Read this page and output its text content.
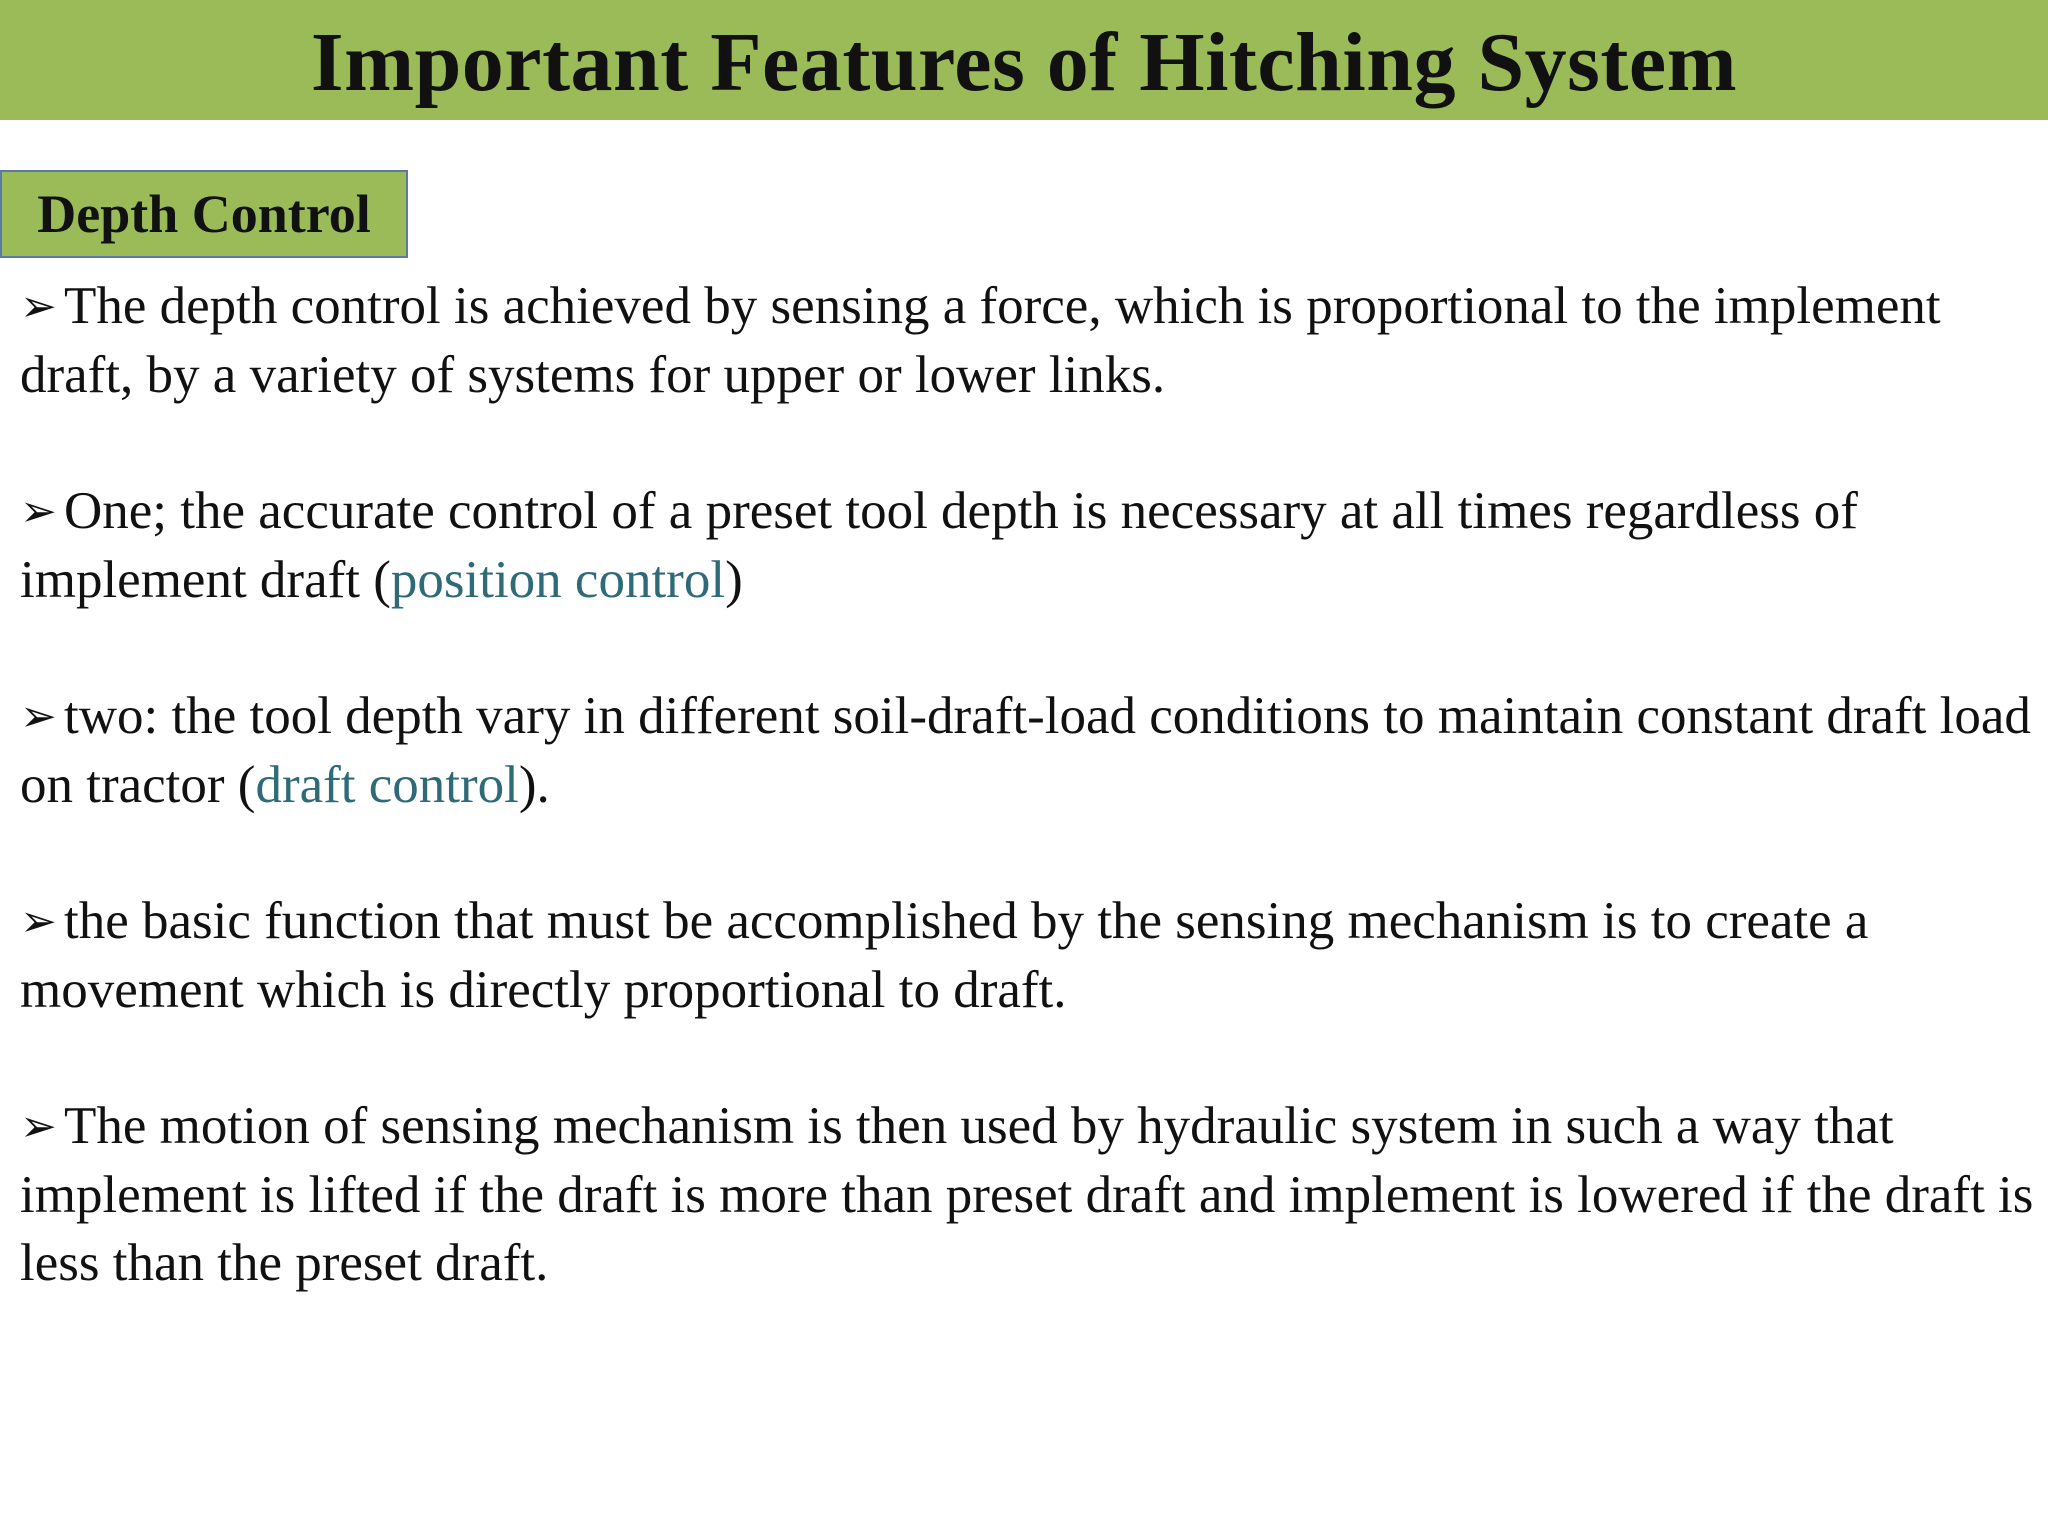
Important Features of Hitching System
Depth Control

➢ The depth control is achieved by sensing a force, which is proportional to the implement draft, by a variety of systems for upper or lower links.

➢ One; the accurate control of a preset tool depth is necessary at all times regardless of implement draft (position control)

➢ two: the tool depth vary in different soil-draft-load conditions to maintain constant draft load on tractor (draft control).

➢ the basic function that must be accomplished by the sensing mechanism is to create a movement which is directly proportional to draft.

➢ The motion of sensing mechanism is then used by hydraulic system in such a way that implement is lifted if the draft is more than preset draft and implement is lowered if the draft is less than the preset draft.
